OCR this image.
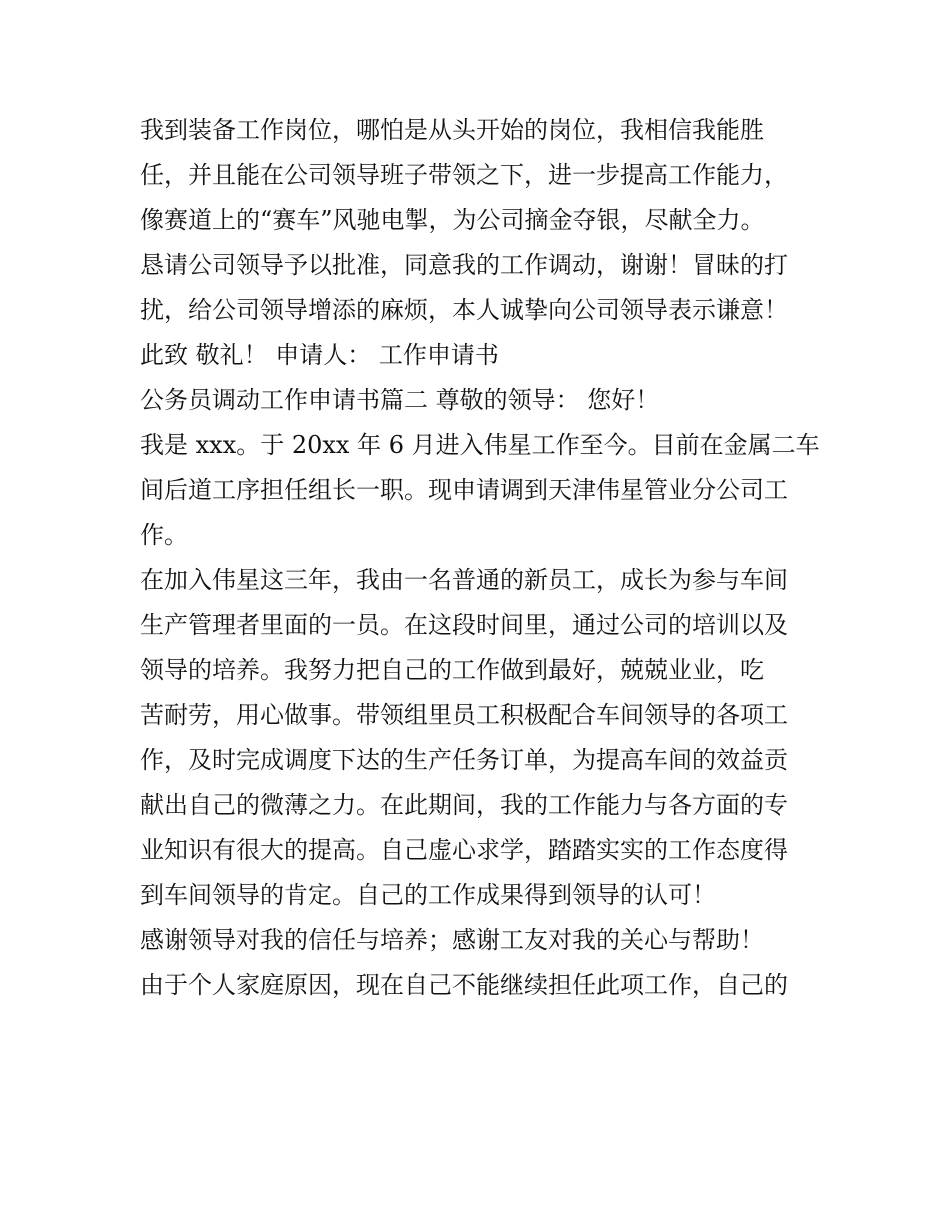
我到装备工作岗位，哪怕是从头开始的岗位，我相信我能胜
任，并且能在公司领导班子带领之下，进一步提高工作能力，
像赛道上的“赛车”风驰电掣，为公司摘金夺银，尽献全力。
恳请公司领导予以批准，同意我的工作调动，谢谢！冒昧的打
扰，给公司领导增添的麻烦，本人诚挚向公司领导表示谦意！
此致 敬礼！ 申请人： 工作申请书
公务员调动工作申请书篇二 尊敬的领导： 您好！
我是 xxx。于 20xx 年 6 月进入伟星工作至今。目前在金属二车
间后道工序担任组长一职。现申请调到天津伟星管业分公司工
作。
在加入伟星这三年，我由一名普通的新员工，成长为参与车间
生产管理者里面的一员。在这段时间里，通过公司的培训以及
领导的培养。我努力把自己的工作做到最好，兢兢业业，吃
苦耐劳，用心做事。带领组里员工积极配合车间领导的各项工
作，及时完成调度下达的生产任务订单，为提高车间的效益贡
献出自己的微薄之力。在此期间，我的工作能力与各方面的专
业知识有很大的提高。自己虚心求学，踏踏实实的工作态度得
到车间领导的肯定。自己的工作成果得到领导的认可！
感谢领导对我的信任与培养；感谢工友对我的关心与帮助！
由于个人家庭原因，现在自己不能继续担任此项工作，自己的
